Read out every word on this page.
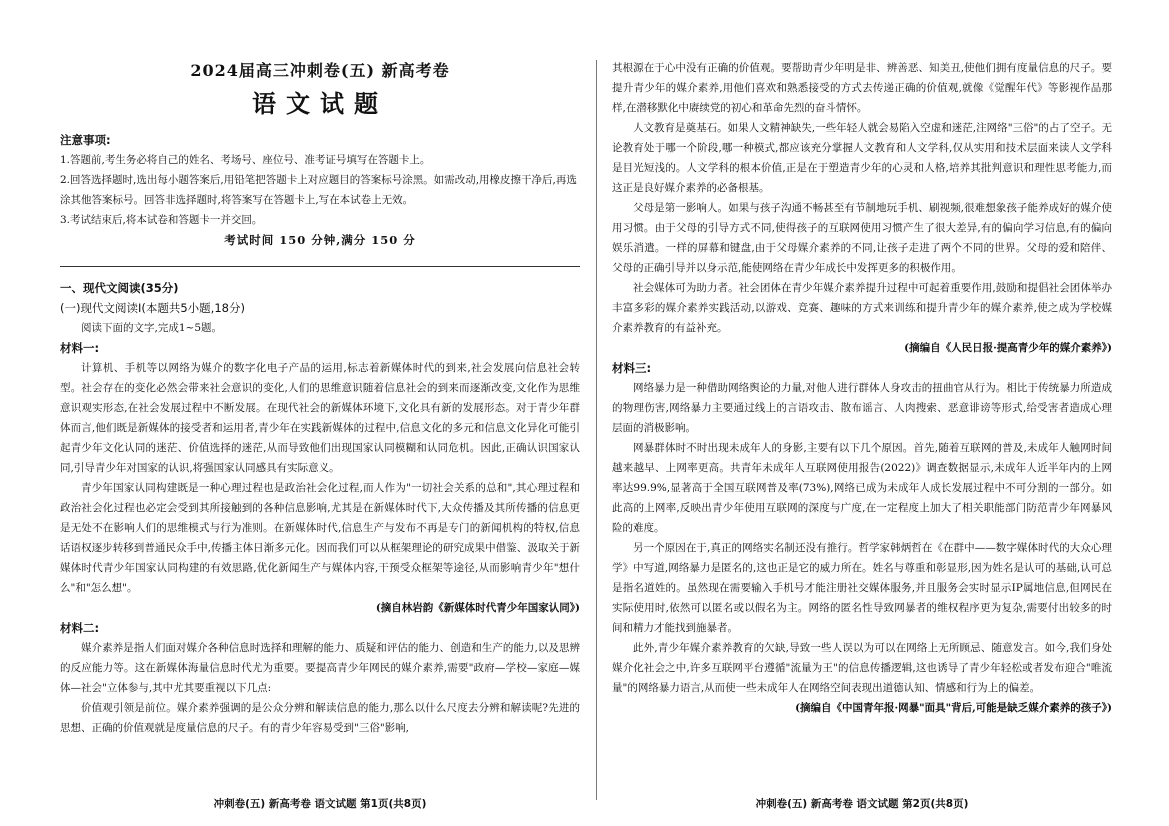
2024届高三冲刺卷(五) 新高考卷
语文试题
注意事项:
1.答题前,考生务必将自己的姓名、考场号、座位号、准考证号填写在答题卡上。
2.回答选择题时,选出每小题答案后,用铅笔把答题卡上对应题目的答案标号涂黑。如需改动,用橡皮擦干净后,再选涂其他答案标号。回答非选择题时,将答案写在答题卡上,写在本试卷上无效。
3.考试结束后,将本试卷和答题卡一并交回。
考试时间 150 分钟,满分 150 分
一、现代文阅读(35分)
(一)现代文阅读Ⅰ(本题共5小题,18分)
阅读下面的文字,完成1~5题。
材料一:
计算机、手机等以网络为媒介的数字化电子产品的运用,标志着新媒体时代的到来,社会发展向信息社会转型。社会存在的变化必然会带来社会意识的变化,人们的思维意识随着信息社会的到来而逐渐改变,文化作为思维意识观实形态,在社会发展过程中不断发展。在现代社会的新媒体环境下,文化具有新的发展形态。对于青少年群体而言,他们既是新媒体的接受者和运用者,青少年在实践新媒体的过程中,信息文化的多元和信息文化异化可能引起青少年文化认同的迷茫、价值选择的迷茫,从而导致他们出现国家认同模糊和认同危机。因此,正确认识国家认同,引导青少年对国家的认识,将强国家认同感具有实际意义。
青少年国家认同构建既是一种心理过程也是政治社会化过程,而人作为"一切社会关系的总和",其心理过程和政治社会化过程也必定会受到其所接触到的各种信息影响,尤其是在新媒体时代下,大众传播及其所传播的信息更是无处不在影响人们的思维模式与行为准则。在新媒体时代,信息生产与发布不再是专门的新闻机构的特权,信息话语权逐步转移到普通民众手中,传播主体日渐多元化。因而我们可以从框架理论的研究成果中借鉴、汲取关于新媒体时代青少年国家认同构建的有效思路,优化新闻生产与媒体内容,干预受众框架等途径,从而影响青少年"想什么"和"怎么想"。
(摘自林岩韵《新媒体时代青少年国家认同》)
材料二:
媒介素养是指人们面对媒介各种信息时选择和理解的能力、质疑和评估的能力、创造和生产的能力,以及思辨的反应能力等。这在新媒体海量信息时代尤为重要。要提高青少年网民的媒介素养,需要"政府—学校—家庭—媒体—社会"立体参与,其中尤其要重视以下几点:
价值观引领是前位。媒介素养强调的是公众分辨和解读信息的能力,那么以什么尺度去分辨和解读呢?先进的思想、正确的价值观就是度量信息的尺子。有的青少年容易受到"三俗"影响,
冲刺卷(五) 新高考卷 语文试题 第1页(共8页)
其根源在于心中没有正确的价值观。要帮助青少年明是非、辨善恶、知美丑,使他们拥有度量信息的尺子。要提升青少年的媒介素养,用他们喜欢和熟悉接受的方式去传递正确的价值观,就像《觉醒年代》等影视作品那样,在潜移默化中赓续党的初心和革命先烈的奋斗情怀。
人文教育是奠基石。如果人文精神缺失,一些年轻人就会易陷入空虚和迷茫,注网络"三俗"的占了空子。无论教育处于哪一个阶段,哪一种模式,都应该充分掌握人文教育和人文学科,仅从实用和技术层面来读人文学科是目光短浅的。人文学科的根本价值,正是在于塑造青少年的心灵和人格,培养其批判意识和理性思考能力,而这正是良好媒介素养的必备根基。
父母是第一影响人。如果与孩子沟通不畅甚至有节制地玩手机、刷视频,很难想象孩子能养成好的媒介使用习惯。由于父母的引导方式不同,使得孩子的互联网使用习惯产生了很大差异,有的偏向学习信息,有的偏向娱乐消遣。一样的屏幕和键盘,由于父母媒介素养的不同,让孩子走进了两个不同的世界。父母的爱和陪伴、父母的正确引导并以身示范,能使网络在青少年成长中发挥更多的积极作用。
社会媒体可为助力者。社会团体在青少年媒介素养提升过程中可起着重要作用,鼓励和提倡社会团体举办丰富多彩的媒介素养实践活动,以游戏、竞赛、趣味的方式来训练和提升青少年的媒介素养,使之成为学校媒介素养教育的有益补充。
(摘编自《人民日报·提高青少年的媒介素养》)
材料三:
网络暴力是一种借助网络舆论的力量,对他人进行群体人身攻击的扭曲官从行为。相比于传统暴力所造成的物理伤害,网络暴力主要通过线上的言语攻击、散布谣言、人肉搜索、恶意诽谤等形式,给受害者造成心理层面的消极影响。
网暴群体时不时出现未成年人的身影,主要有以下几个原因。首先,随着互联网的普及,未成年人触网时间越来越早、上网率更高。共青年未成年人互联网使用报告(2022)》调查数据显示,未成年人近半年内的上网率达99.9%,显著高于全国互联网普及率(73%),网络已成为未成年人成长发展过程中不可分割的一部分。如此高的上网率,反映出青少年使用互联网的深度与广度,在一定程度上加大了相关职能部门防范青少年网暴风险的难度。
另一个原因在于,真正的网络实名制还没有推行。哲学家韩炳哲在《在群中——数字媒体时代的大众心理学》中写道,网络暴力是匿名的,这也正是它的威力所在。姓名与尊重和彰显形,因为姓名是认可的基础,认可总是指名道姓的。虽然现在需要输入手机号才能注册社交媒体服务,并且服务会实时显示IP属地信息,但网民在实际使用时,依然可以匿名或以假名为主。网络的匿名性导致网暴者的维权程序更为复杂,需要付出较多的时间和精力才能找到施暴者。
此外,青少年媒介素养教育的欠缺,导致一些人误以为可以在网络上无所顾忌、随意发言。如今,我们身处媒介化社会之中,许多互联网平台遵循"流量为王"的信息传播逻辑,这也诱导了青少年轻松或者发布迎合"唯流量"的网络暴力语言,从而使一些未成年人在网络空间表现出道德认知、情感和行为上的偏差。
(摘编自《中国青年报·网暴"面具"背后,可能是缺乏媒介素养的孩子》)
冲刺卷(五) 新高考卷 语文试题 第2页(共8页)
